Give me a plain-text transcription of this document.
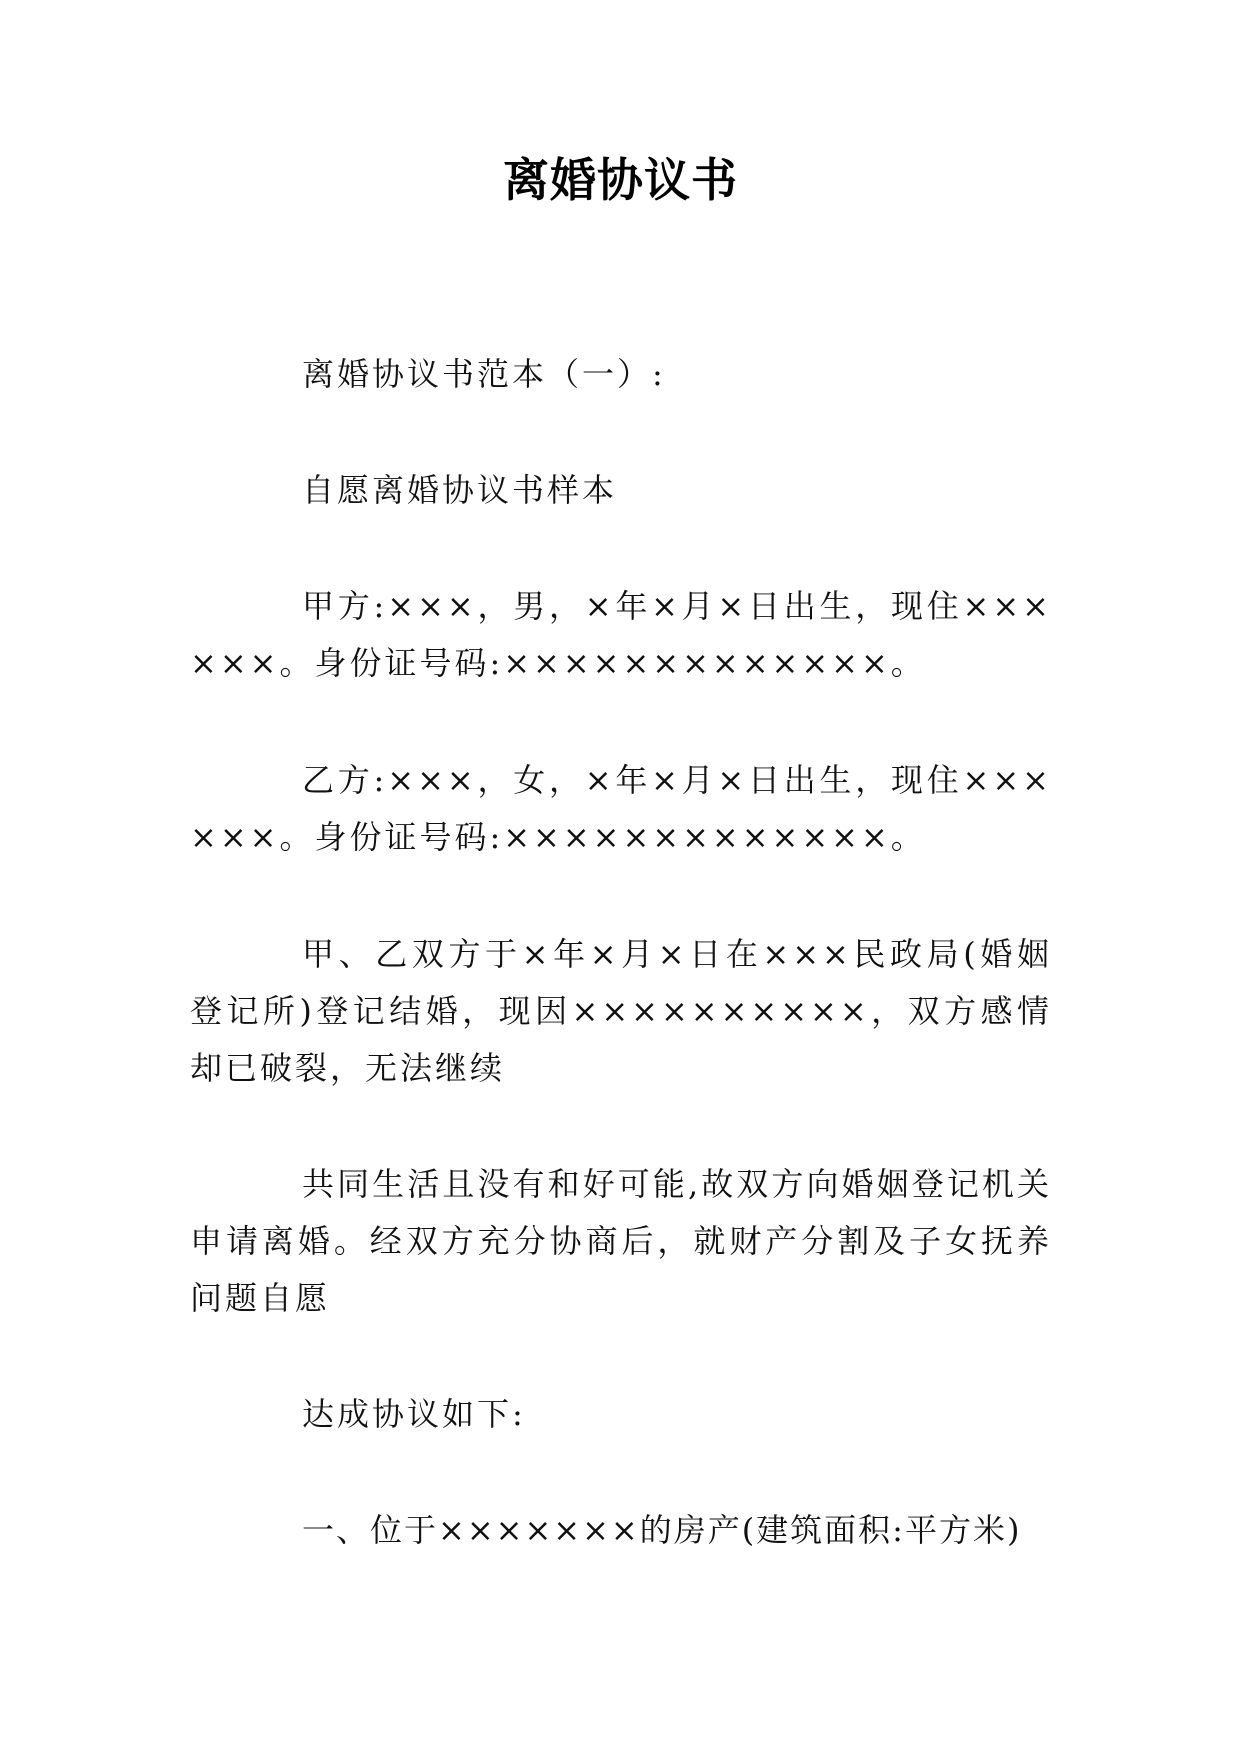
离婚协议书

离婚协议书范本（一）:

自愿离婚协议书样本

甲方:×××，男，×年×月×日出生，现住××××××。身份证号码:×××××××××××××。

乙方:×××，女，×年×月×日出生，现住××××××。身份证号码:×××××××××××××。

甲、乙双方于×年×月×日在×××民政局(婚姻登记所)登记结婚，现因××××××××××，双方感情却已破裂，无法继续

共同生活且没有和好可能,故双方向婚姻登记机关申请离婚。经双方充分协商后，就财产分割及子女抚养问题自愿

达成协议如下:

一、位于×××××××的房产(建筑面积:平方米)
